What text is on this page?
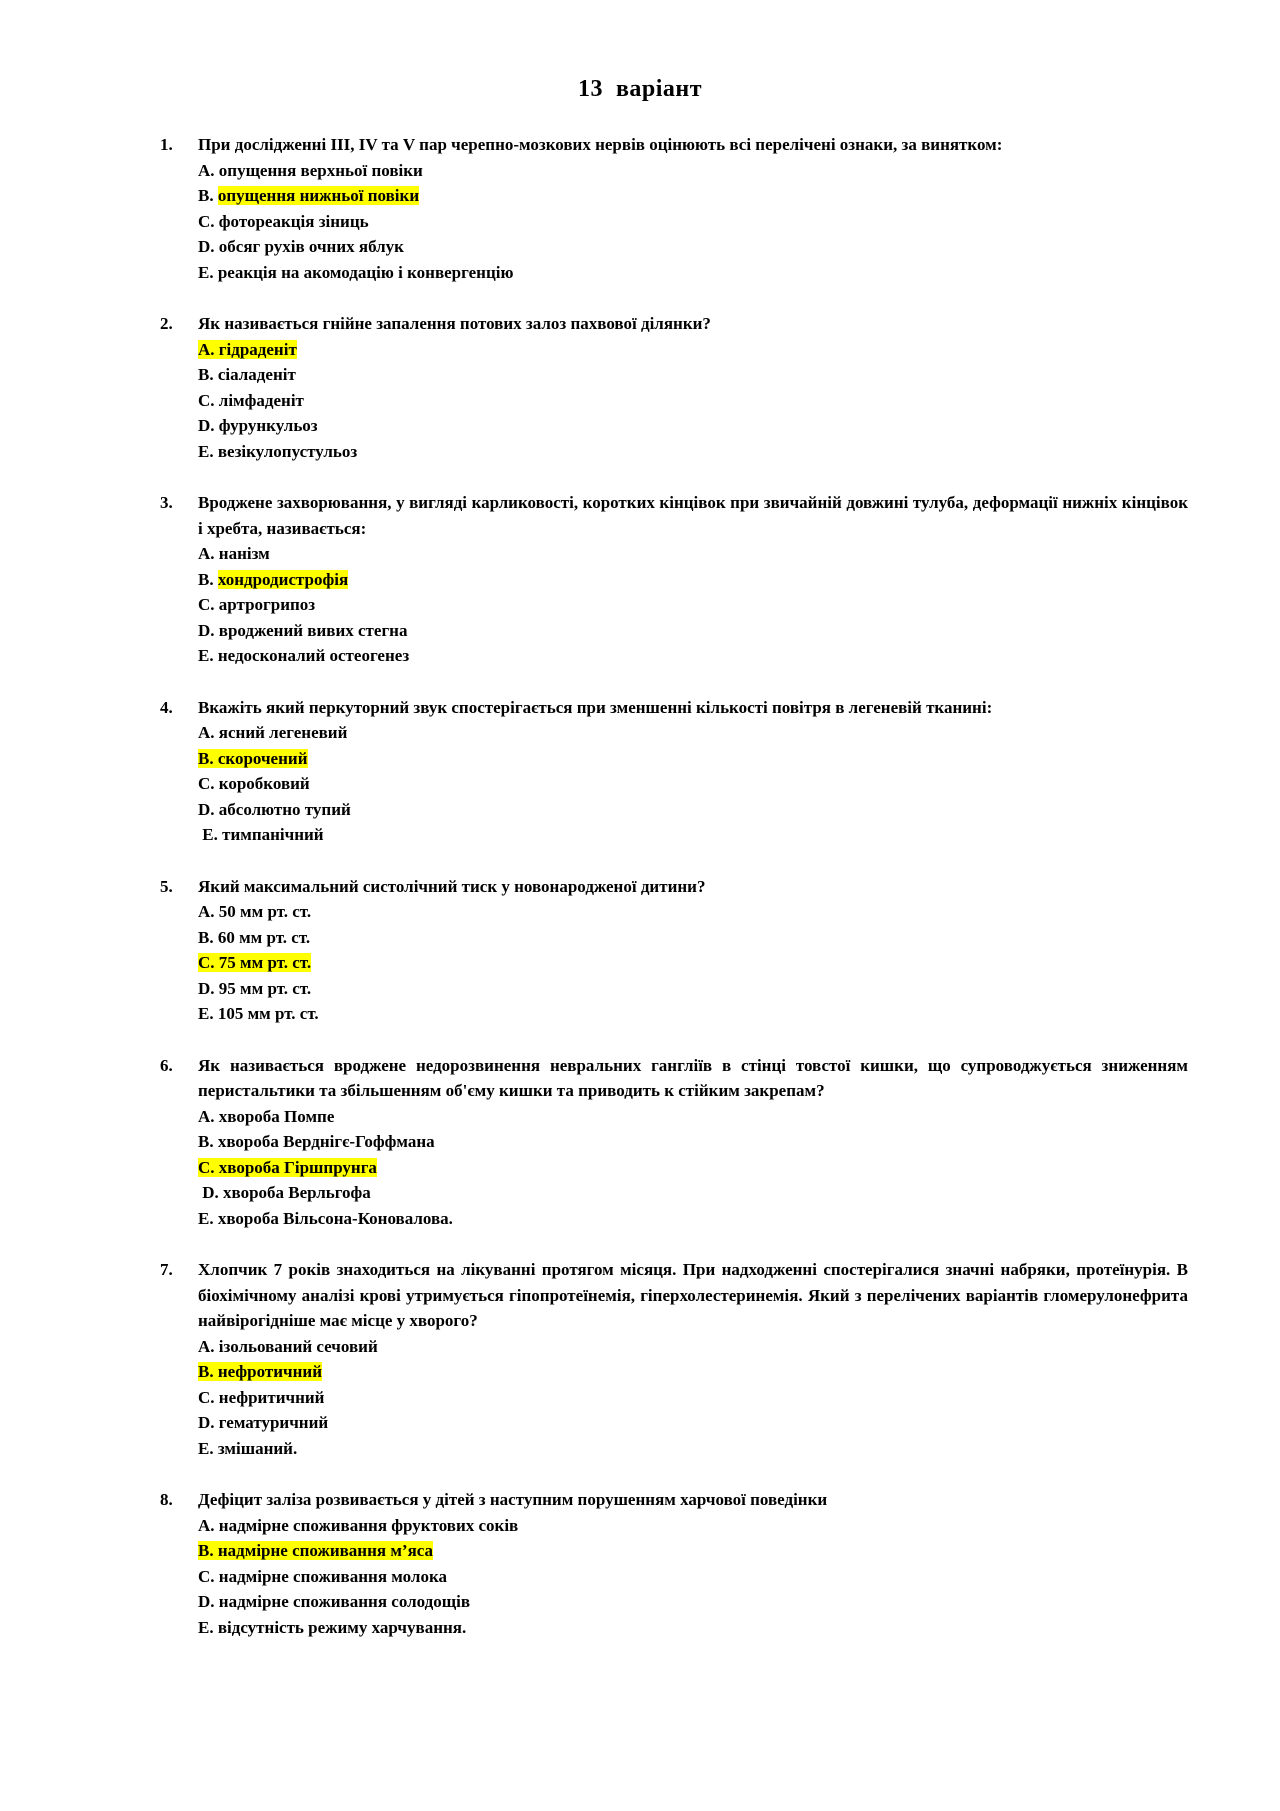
13  варіант
1. При дослідженні ІІІ, IV та V пар черепно-мозкових нервів оцінюють всі перелічені ознаки, за винятком:
A. опущення верхньої повіки
B. опущення нижньої повіки
C. фотореакція зіниць
D. обсяг рухів очних яблук
E. реакція на акомодацію і конвергенцію
2. Як називається гнійне запалення потових залоз пахвової ділянки?
A. гідраденіт
B. сіаладеніт
C. лімфаденіт
D. фурункульоз
E. везікулопустульоз
3. Вроджене захворювання, у вигляді карликовості, коротких кінцівок при звичайній довжині тулуба, деформації нижніх кінцівок і хребта, називається:
A. нанізм
B. хондродистрофія
C. артрогрипоз
D. вроджений вивих стегна
E. недосконалий остеогенез
4. Вкажіть який перкуторний звук спостерігається при зменшенні кількості повітря в легеневій тканині:
A. ясний легеневий
B. скорочений
C. коробковий
D. абсолютно тупий
E. тимпанічний
5. Який максимальний систолічний тиск у новонародженої дитини?
A. 50 мм рт. ст.
B. 60 мм рт. ст.
C. 75 мм рт. ст.
D. 95 мм рт. ст.
E. 105 мм рт. ст.
6. Як називається вроджене недорозвинення невральних гангліїв в стінці товстої кишки, що супроводжується зниженням перистальтики та збільшенням об'єму кишки та приводить к стійким закрепам?
A. хвороба Помпе
B. хвороба Верднігє-Гоффмана
C. хвороба Гіршпрунга
D. хвороба Верльгофа
E. хвороба Вільсона-Коновалова.
7. Хлопчик 7 років знаходиться на лікуванні протягом місяця. При надходженні спостерігалися значні набряки, протеїнурія. В біохімічному аналізі крові утримується гіпопротеїнемія, гіперхолестеринемія. Який з перелічених варіантів гломерулонефрита найвірогідніше має місце у хворого?
A. ізольований сечовий
B. нефротичний
C. нефритичний
D. гематуричний
E. змішаний.
8. Дефіцит заліза розвивається у дітей з наступним порушенням харчової поведінки
A. надмірне споживання фруктових соків
B. надмірне споживання м’яса
C. надмірне споживання молока
D. надмірне споживання солодощів
E. відсутність режиму харчування.
